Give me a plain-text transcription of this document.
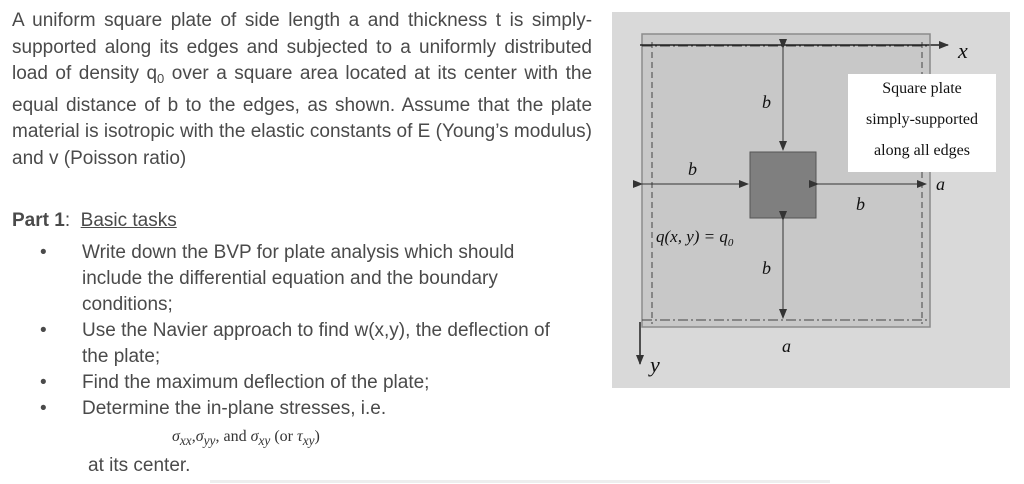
A uniform square plate of side length a and thickness t is simply-supported along its edges and subjected to a uniformly distributed load of density $q_0$ over a square area located at its center with the equal distance of b to the edges, as shown. Assume that the plate material is isotropic with the elastic constants of E (Young’s modulus) and v (Poisson ratio)

Part 1: Basic tasks
• Write down the BVP for plate analysis which should include the differential equation and the boundary conditions;
• Use the Navier approach to find w(x,y), the deflection of the plate;
• Find the maximum deflection of the plate;
• Determine the in-plane stresses, i.e.
$\sigma_{xx},\sigma_{yy}$, and $\sigma_{xy}$ (or $\tau_{xy}$)
at its center.
x
y
b
b
b
b
a
a
q(x, $y) = q_0$
Square plate
simply-supported
along all edges
